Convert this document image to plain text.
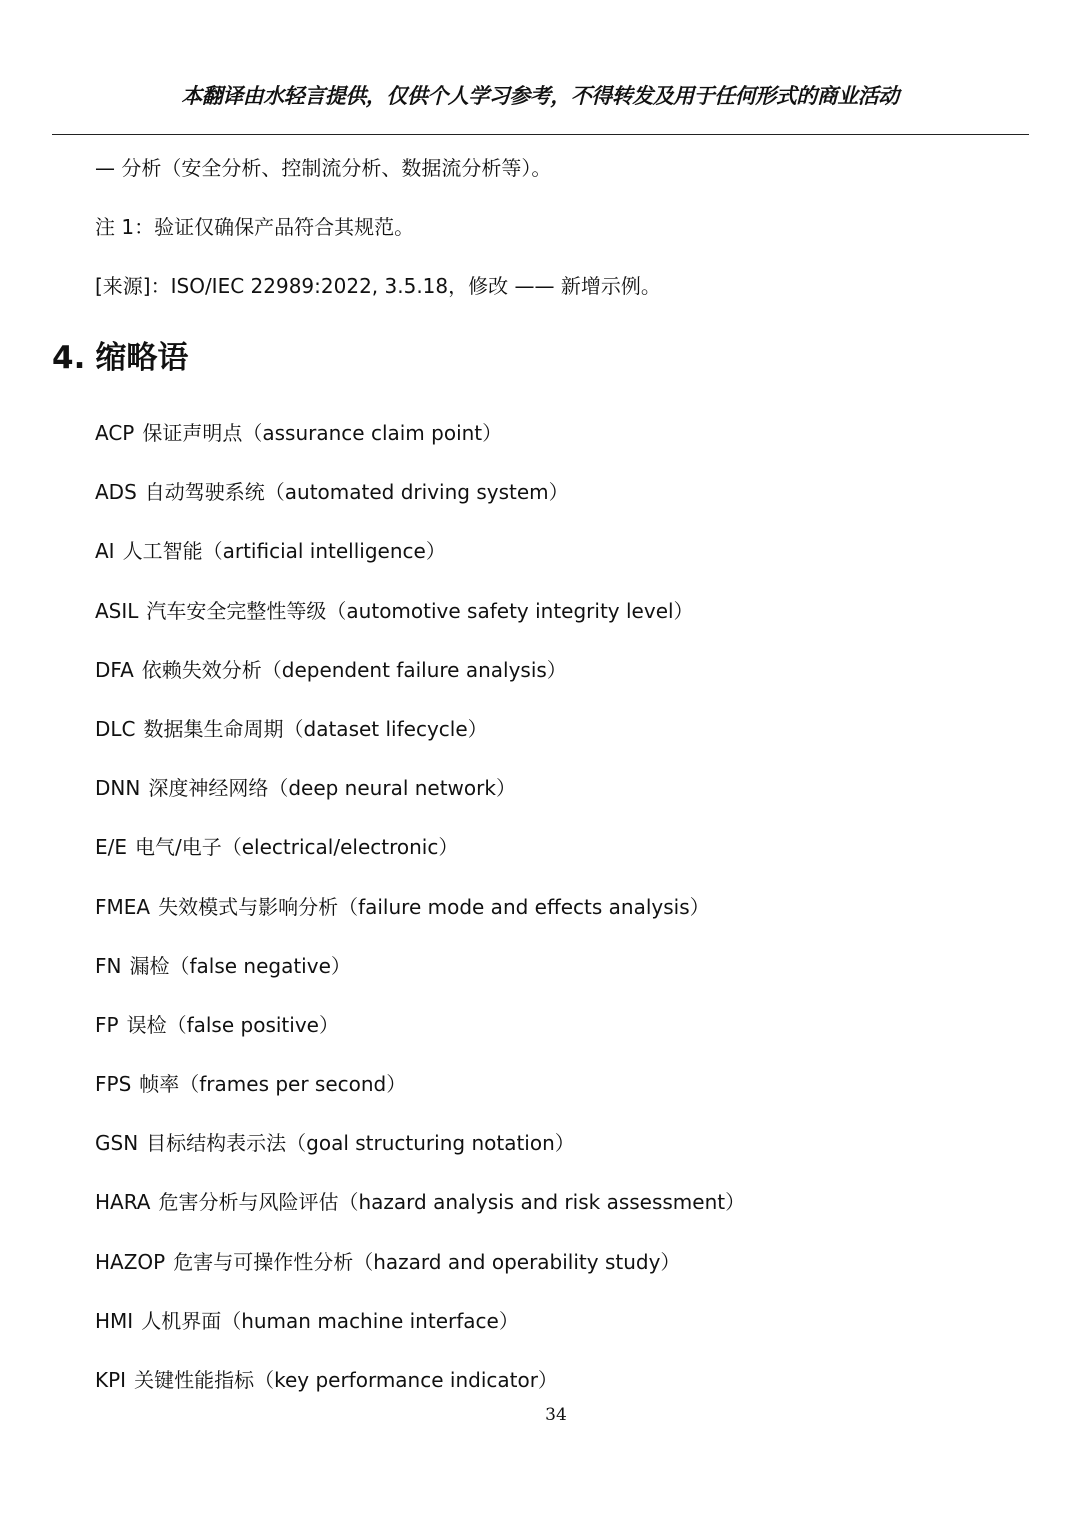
本翻译由水轻言提供，仅供个人学习参考，不得转发及用于任何形式的商业活动
— 分析（安全分析、控制流分析、数据流分析等）。
注 1：验证仅确保产品符合其规范。
[来源]：ISO/IEC 22989:2022, 3.5.18，修改 —— 新增示例。
4. 缩略语
ACP 保证声明点（assurance claim point）
ADS 自动驾驶系统（automated driving system）
AI 人工智能（artificial intelligence）
ASIL 汽车安全完整性等级（automotive safety integrity level）
DFA 依赖失效分析（dependent failure analysis）
DLC 数据集生命周期（dataset lifecycle）
DNN 深度神经网络（deep neural network）
E/E 电气/电子（electrical/electronic）
FMEA 失效模式与影响分析（failure mode and effects analysis）
FN 漏检（false negative）
FP 误检（false positive）
FPS 帧率（frames per second）
GSN 目标结构表示法（goal structuring notation）
HARA 危害分析与风险评估（hazard analysis and risk assessment）
HAZOP 危害与可操作性分析（hazard and operability study）
HMI 人机界面（human machine interface）
KPI 关键性能指标（key performance indicator）
34
